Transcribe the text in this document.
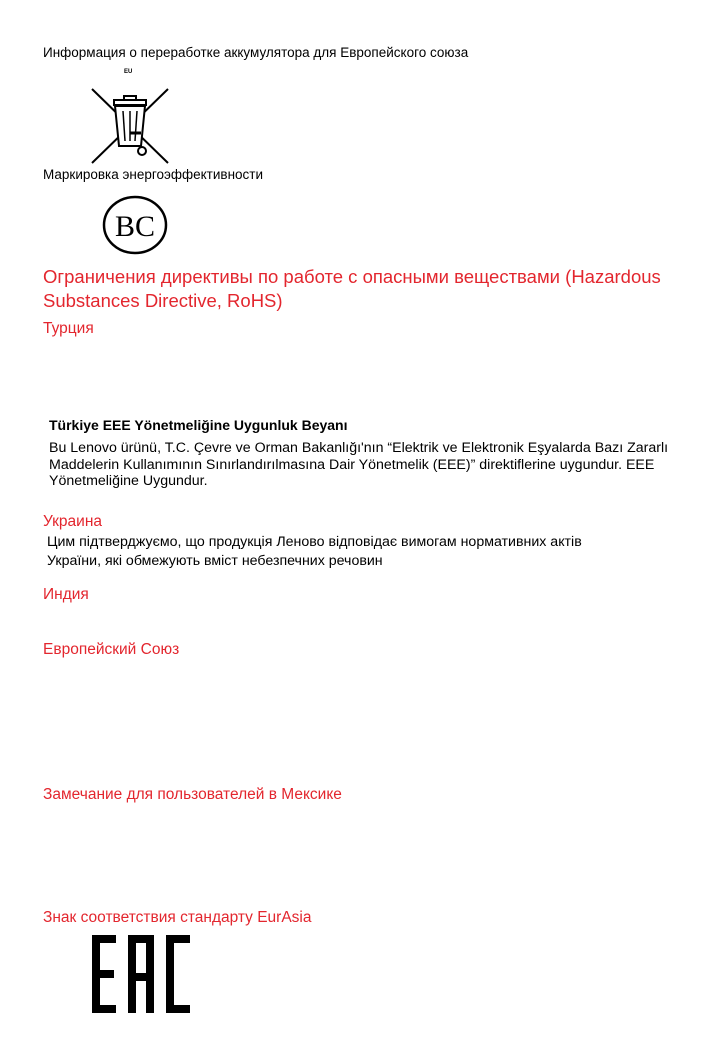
Информация о переработке аккумулятора для Европейского союза
EU
Маркировка энергоэффективности
BC
Ограничения директивы по работе с опасными веществами (Hazardous Substances Directive, RoHS)
Турция
Türkiye EEE Yönetmeliğine Uygunluk Beyanı
Bu Lenovo ürünü, T.C. Çevre ve Orman Bakanlığı'nın “Elektrik ve Elektronik Eşyalarda Bazı Zararlı Maddelerin Kullanımının Sınırlandırılmasına Dair Yönetmelik (EEE)” direktiflerine uygundur. EEE Yönetmeliğine Uygundur.
Украина
Цим підтверджуємо, що продукція Леново відповідає вимогам нормативних актів
України, які обмежують вміст небезпечних речовин
Индия
Европейский Союз
Замечание для пользователей в Мексике
Знак соответствия стандарту EurAsia
